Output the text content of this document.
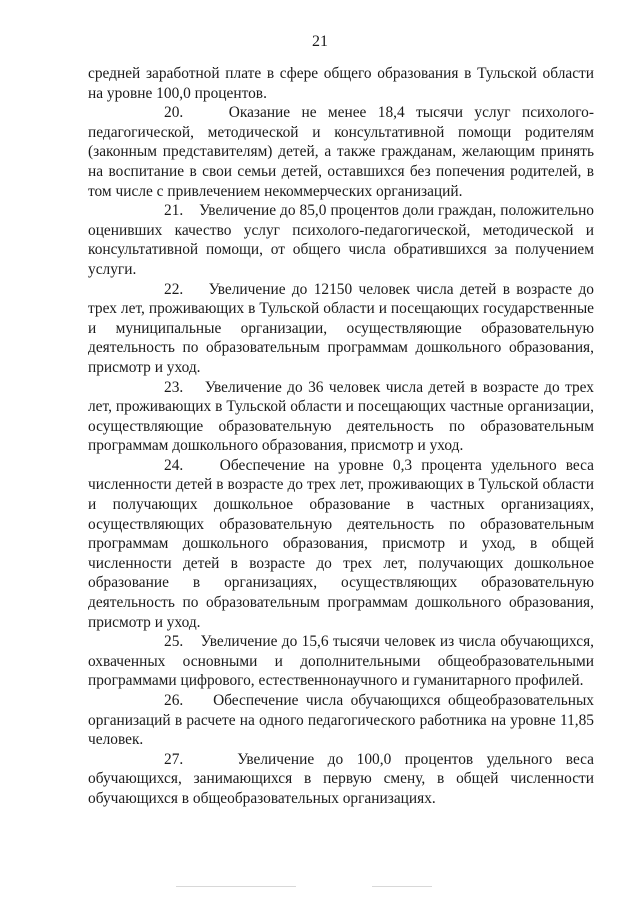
21

средней заработной плате в сфере общего образования в Тульской области на уровне 100,0 процентов.

20.	Оказание не менее 18,4 тысячи услуг психолого-педагогической, методической и консультативной помощи родителям (законным представителям) детей, а также гражданам, желающим принять на воспитание в свои семьи детей, оставшихся без попечения родителей, в том числе с привлечением некоммерческих организаций.

21. Увеличение до 85,0 процентов доли граждан, положительно оценивших качество услуг психолого-педагогической, методической и консультативной помощи, от общего числа обратившихся за получением услуги.

22. Увеличение до 12150 человек числа детей в возрасте до трех лет, проживающих в Тульской области и посещающих государственные и муниципальные организации, осуществляющие образовательную деятельность по образовательным программам дошкольного образования, присмотр и уход.

23. Увеличение до 36 человек числа детей в возрасте до трех лет, проживающих в Тульской области и посещающих частные организации, осуществляющие образовательную деятельность по образовательным программам дошкольного образования, присмотр и уход.

24. Обеспечение на уровне 0,3 процента удельного веса численности детей в возрасте до трех лет, проживающих в Тульской области и получающих дошкольное образование в частных организациях, осуществляющих образовательную деятельность по образовательным программам дошкольного образования, присмотр и уход, в общей численности детей в возрасте до трех лет, получающих дошкольное образование в организациях, осуществляющих образовательную деятельность по образовательным программам дошкольного образования, присмотр и уход.

25. Увеличение до 15,6 тысячи человек из числа обучающихся, охваченных основными и дополнительными общеобразовательными программами цифрового, естественнонаучного и гуманитарного профилей.

26. Обеспечение числа обучающихся общеобразовательных организаций в расчете на одного педагогического работника на уровне 11,85 человек.

27.	Увеличение до 100,0 процентов удельного веса обучающихся, занимающихся в первую смену, в общей численности обучающихся в общеобразовательных организациях.
